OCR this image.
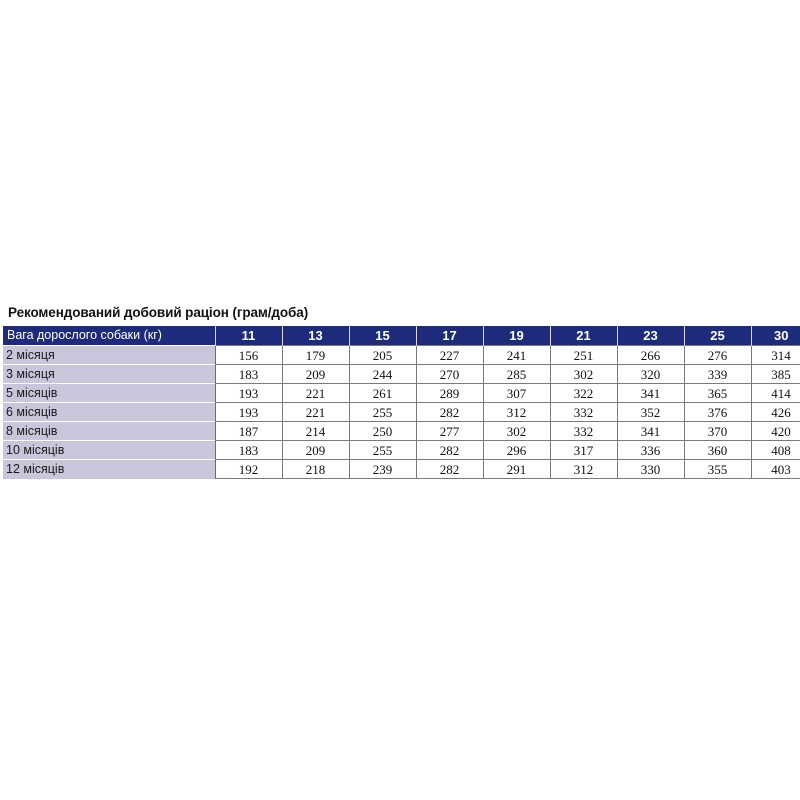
Рекомендований добовий раціон (грам/доба)
Вага дорослого собаки (кг)	11	13	15	17	19	21	23	25	30
2 місяця	156	179	205	227	241	251	266	276	314
3 місяця	183	209	244	270	285	302	320	339	385
5 місяців	193	221	261	289	307	322	341	365	414
6 місяців	193	221	255	282	312	332	352	376	426
8 місяців	187	214	250	277	302	332	341	370	420
10 місяців	183	209	255	282	296	317	336	360	408
12 місяців	192	218	239	282	291	312	330	355	403
